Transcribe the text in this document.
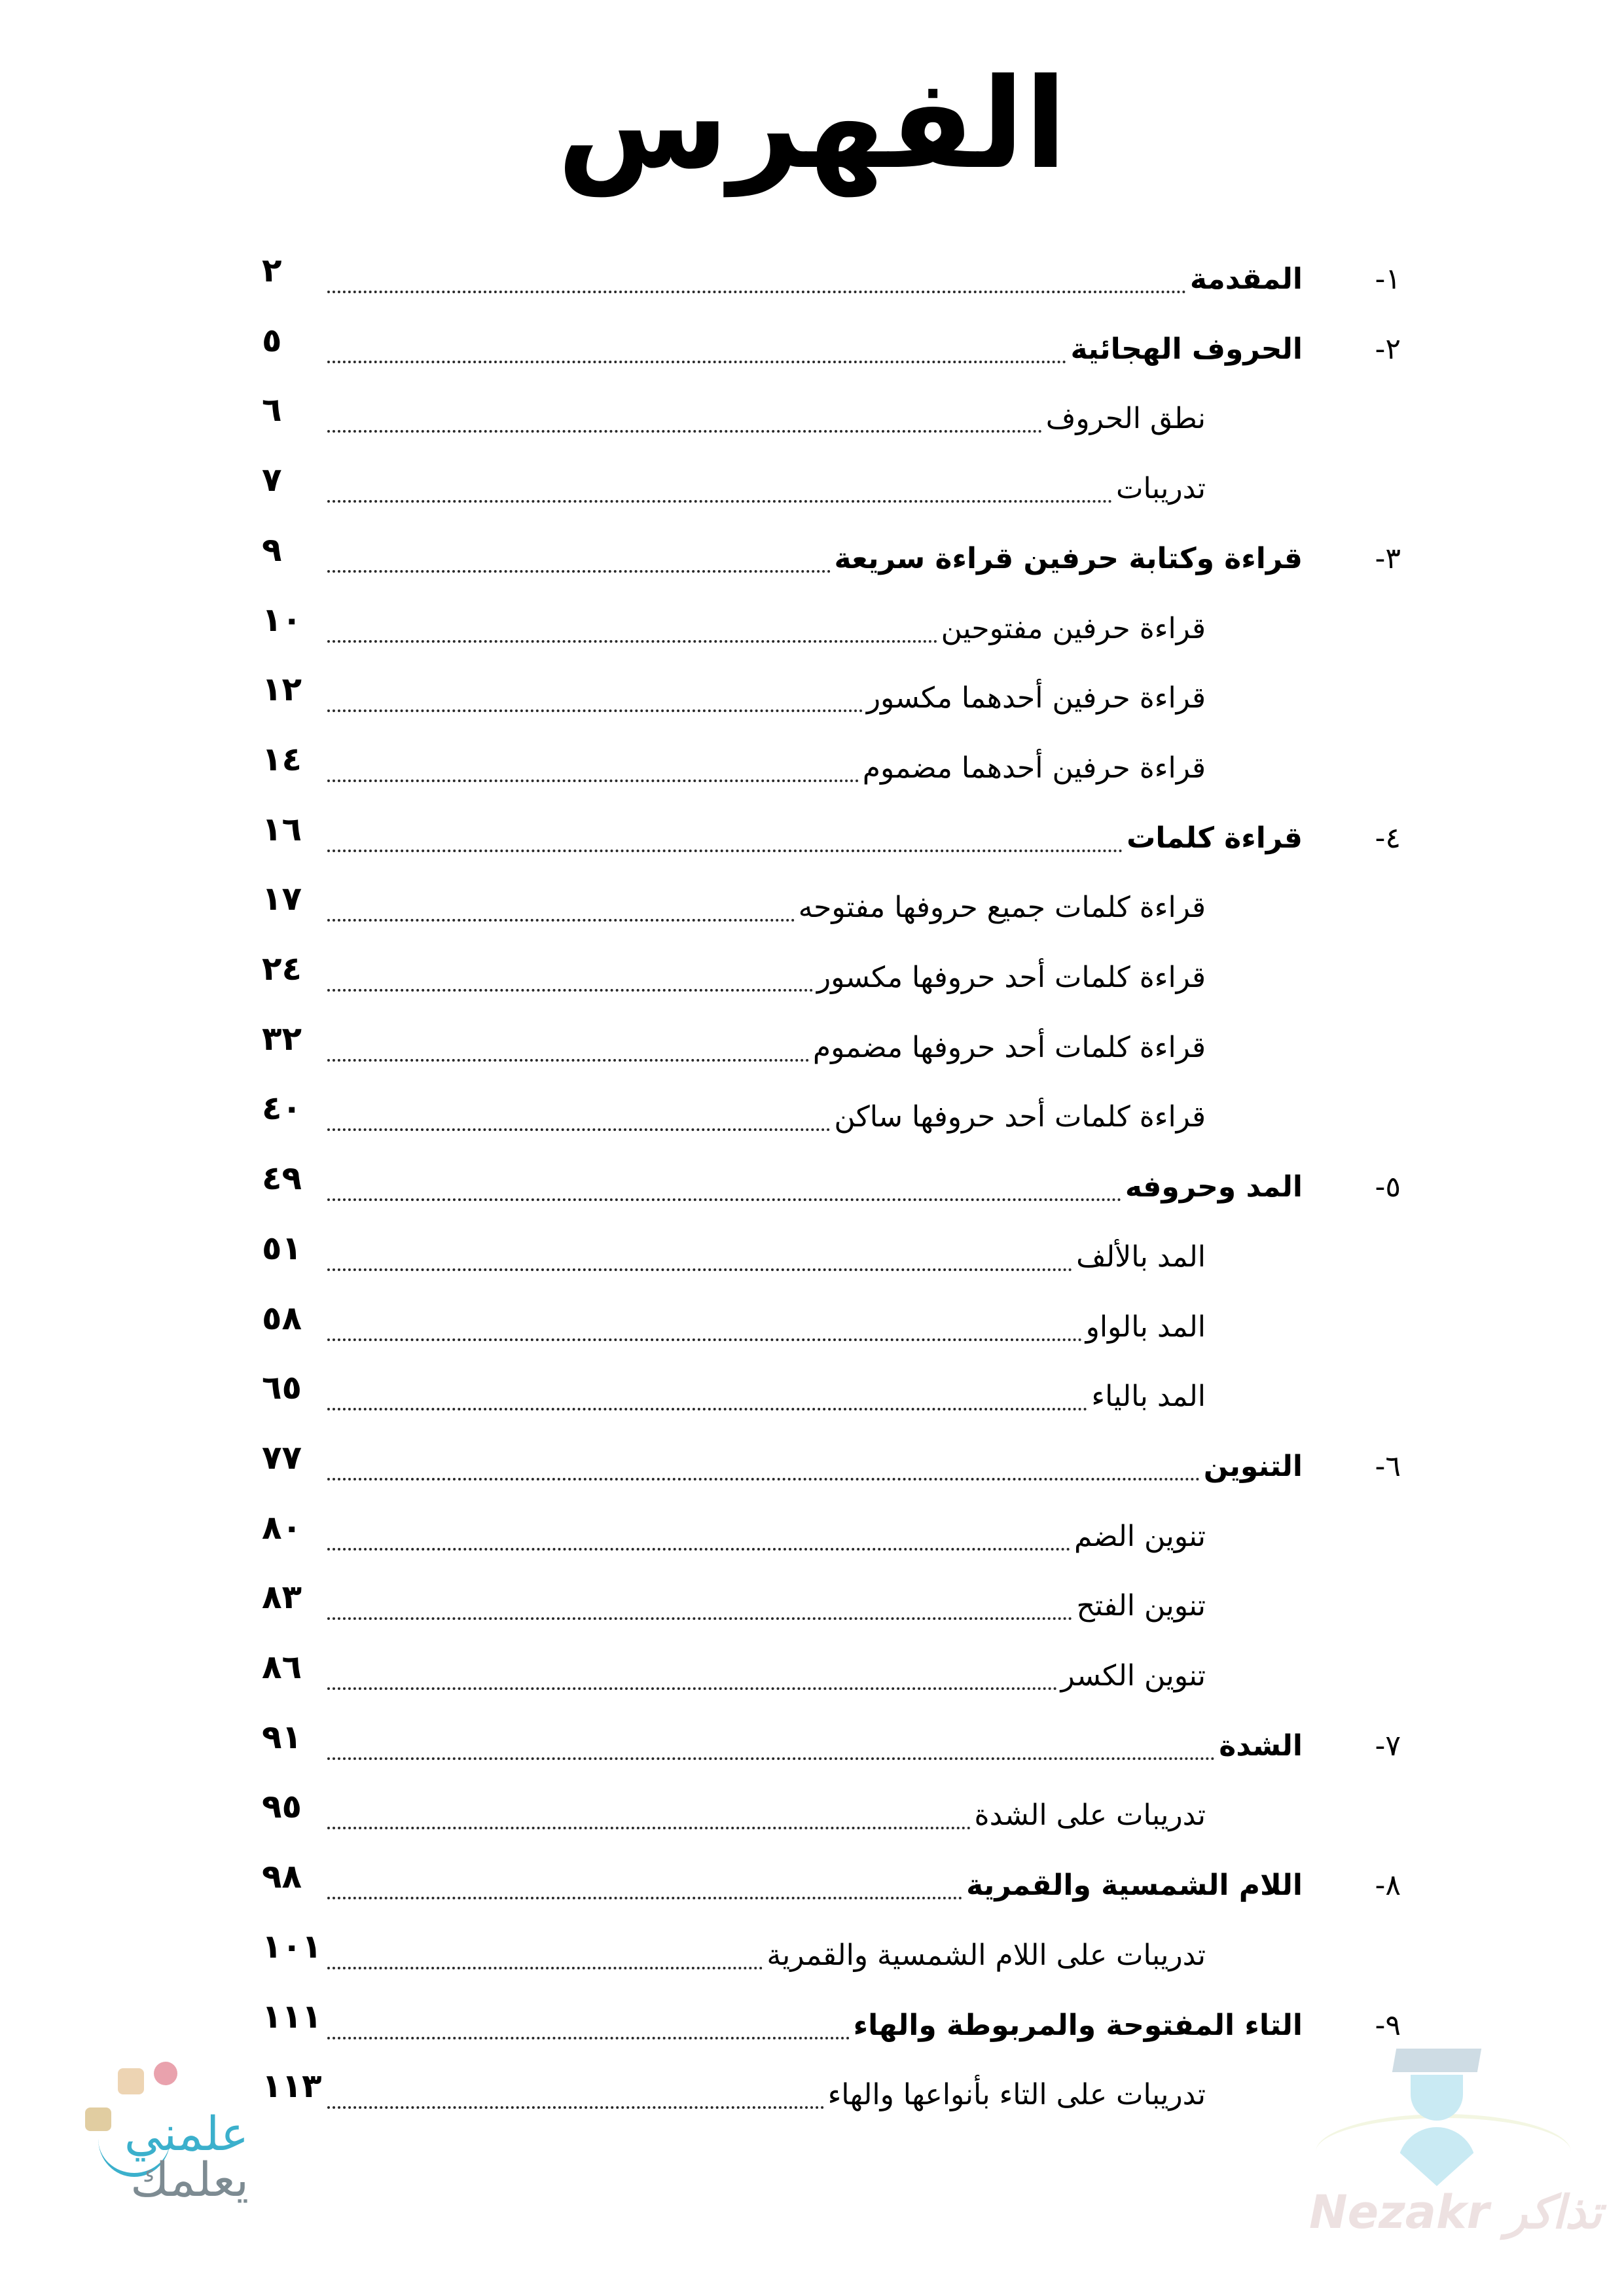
الفهرس
١-
المقدمة
٢
٢-
الحروف الهجائية
٥
نطق الحروف
٦
تدريبات
٧
٣-
قراءة وكتابة حرفين قراءة سريعة
٩
قراءة حرفين مفتوحين
١٠
قراءة حرفين أحدهما مكسور
١٢
قراءة حرفين أحدهما مضموم
١٤
٤-
قراءة كلمات
١٦
قراءة كلمات جميع حروفها مفتوحه
١٧
قراءة كلمات أحد حروفها مكسور
٢٤
قراءة كلمات أحد حروفها مضموم
٣٢
قراءة كلمات أحد حروفها ساكن
٤٠
٥-
المد وحروفه
٤٩
المد بالألف
٥١
المد بالواو
٥٨
المد بالياء
٦٥
٦-
التنوين
٧٧
تنوين الضم
٨٠
تنوين الفتح
٨٣
تنوين الكسر
٨٦
٧-
الشدة
٩١
تدريبات على الشدة
٩٥
٨-
اللام الشمسية والقمرية
٩٨
تدريبات على اللام الشمسية والقمرية
١٠١
٩-
التاء المفتوحة والمربوطة والهاء
١١١
تدريبات على التاء بأنواعها والهاء
١١٣
علمني
يعلمك
Nezakr تذاكر
